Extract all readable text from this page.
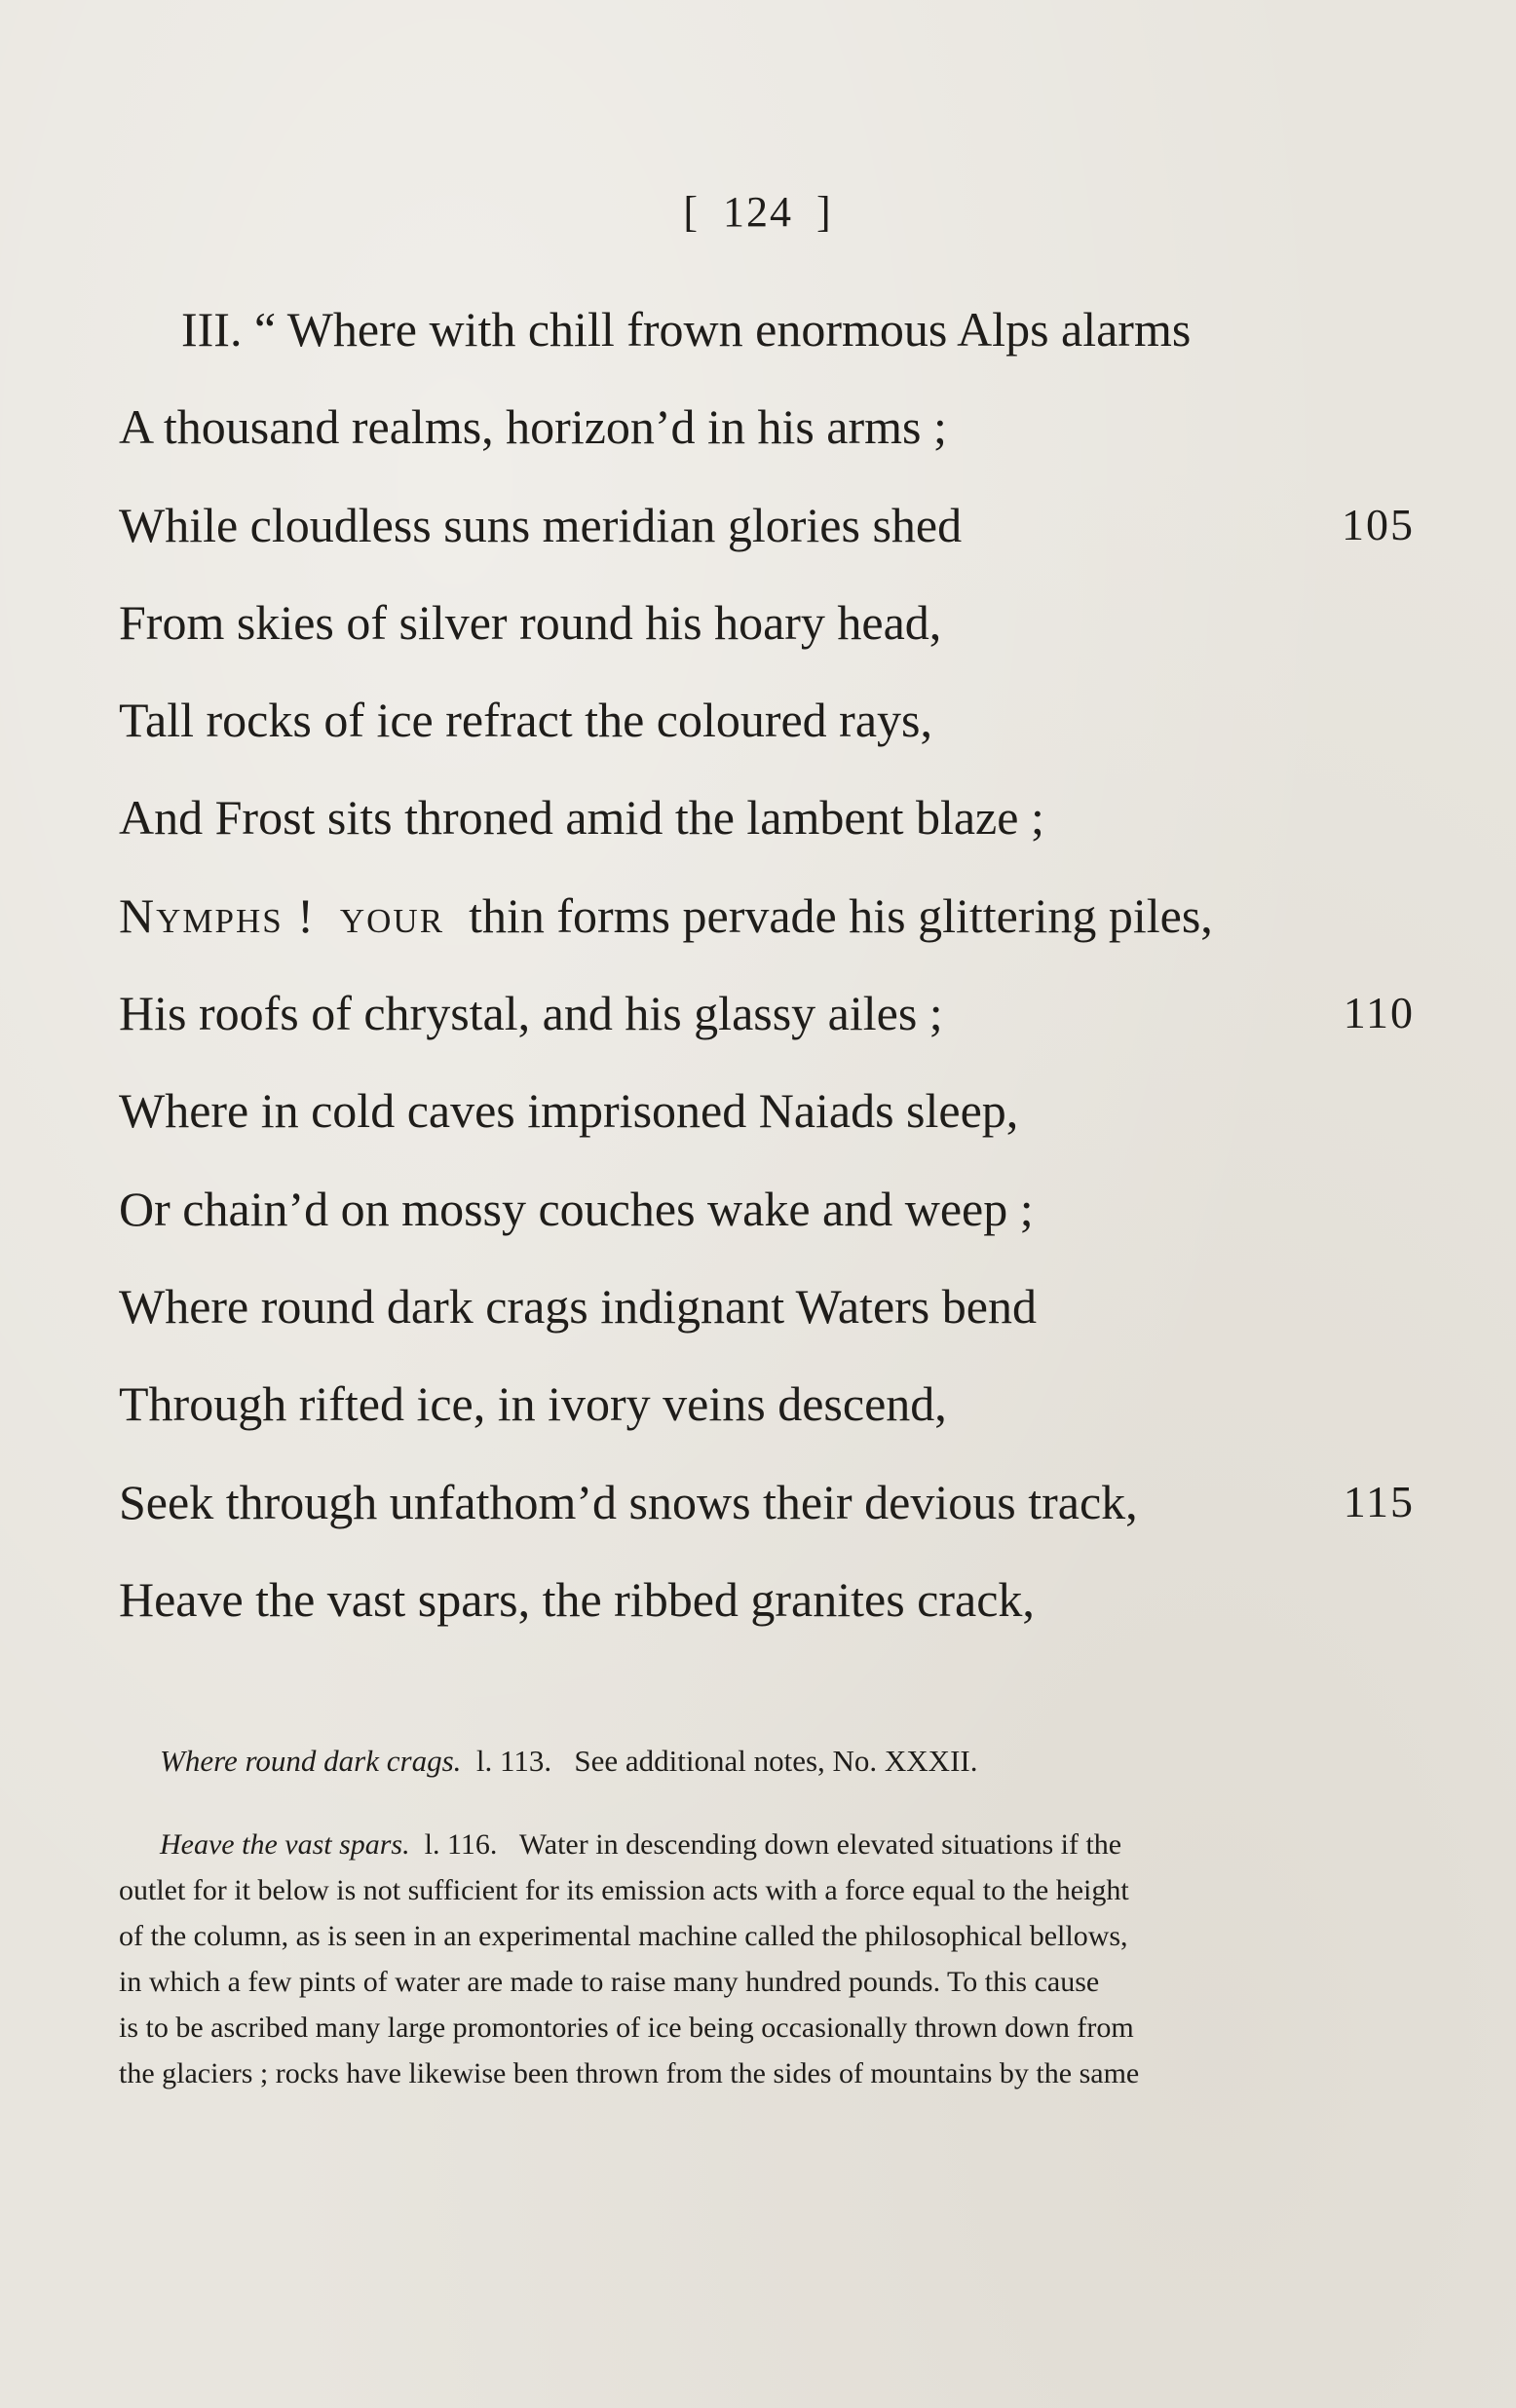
[ 124 ]
III. “ Where with chill frown enormous Alps alarms
A thousand realms, horizon’d in his arms ;
While cloudless suns meridian glories shed	105
From skies of silver round his hoary head,
Tall rocks of ice refract the coloured rays,
And Frost sits throned amid the lambent blaze ;
Nymphs ! your thin forms pervade his glittering piles,
His roofs of chrystal, and his glassy ailes ;	110
Where in cold caves imprisoned Naiads sleep,
Or chain’d on mossy couches wake and weep ;
Where round dark crags indignant Waters bend
Through rifted ice, in ivory veins descend,
Seek through unfathom’d snows their devious track,	115
Heave the vast spars, the ribbed granites crack,
Where round dark crags. l. 113. See additional notes, No. XXXII.
Heave the vast spars. l. 116. Water in descending down elevated situations if the
outlet for it below is not sufficient for its emission acts with a force equal to the height
of the column, as is seen in an experimental machine called the philosophical bellows,
in which a few pints of water are made to raise many hundred pounds. To this cause
is to be ascribed many large promontories of ice being occasionally thrown down from
the glaciers ; rocks have likewise been thrown from the sides of mountains by the same
